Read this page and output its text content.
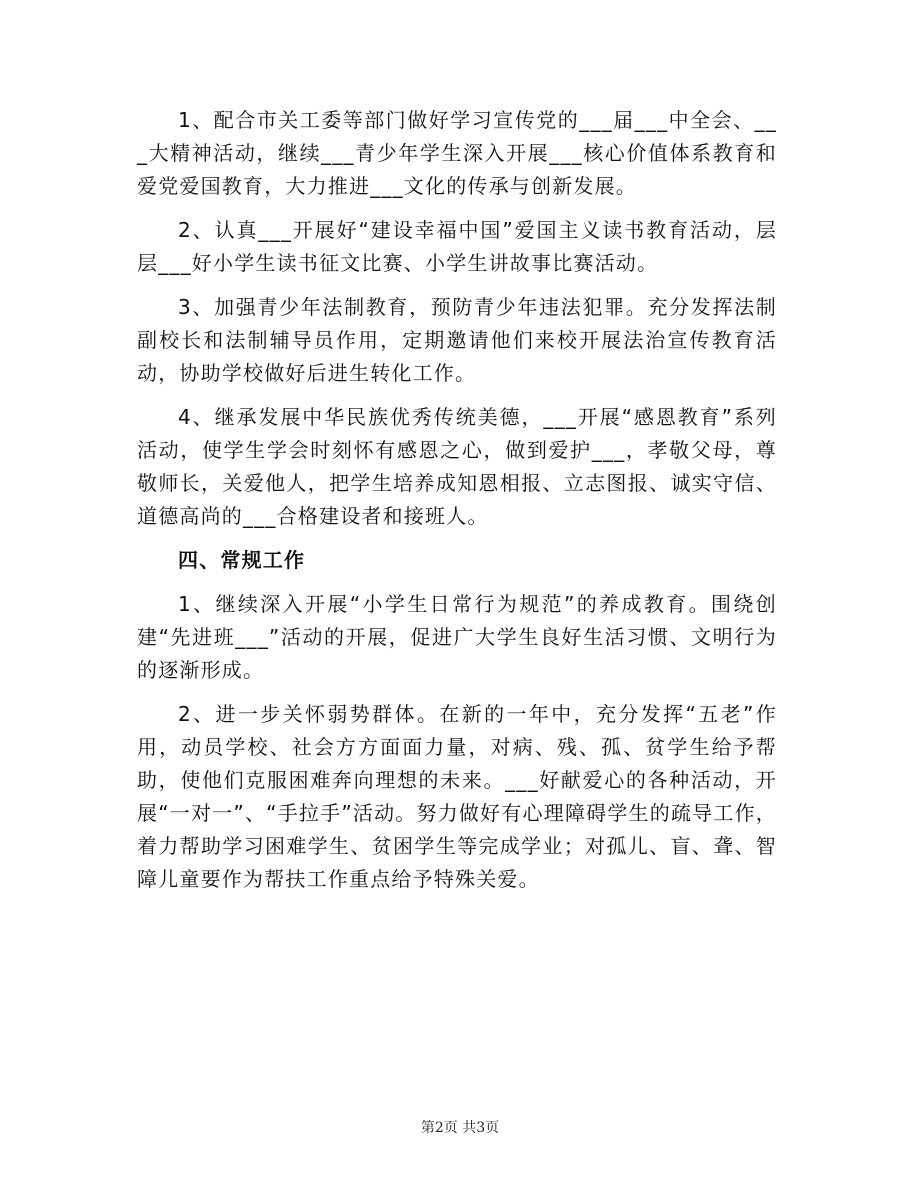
1、配合市关工委等部门做好学习宣传党的___届___中全会、___大精神活动，继续___青少年学生深入开展___核心价值体系教育和爱党爱国教育，大力推进___文化的传承与创新发展。

2、认真___开展好“建设幸福中国”爱国主义读书教育活动，层层___好小学生读书征文比赛、小学生讲故事比赛活动。

3、加强青少年法制教育，预防青少年违法犯罪。充分发挥法制副校长和法制辅导员作用，定期邀请他们来校开展法治宣传教育活动，协助学校做好后进生转化工作。

4、继承发展中华民族优秀传统美德，___开展“感恩教育”系列活动，使学生学会时刻怀有感恩之心，做到爱护___，孝敬父母，尊敬师长，关爱他人，把学生培养成知恩相报、立志图报、诚实守信、道德高尚的___合格建设者和接班人。

四、常规工作

1、继续深入开展“小学生日常行为规范”的养成教育。围绕创建“先进班___”活动的开展，促进广大学生良好生活习惯、文明行为的逐渐形成。

2、进一步关怀弱势群体。在新的一年中，充分发挥“五老”作用，动员学校、社会方方面面力量，对病、残、孤、贫学生给予帮助，使他们克服困难奔向理想的未来。___好献爱心的各种活动，开展“一对一”、“手拉手”活动。努力做好有心理障碍学生的疏导工作，着力帮助学习困难学生、贫困学生等完成学业；对孤儿、盲、聋、智障儿童要作为帮扶工作重点给予特殊关爱。

第2页 共3页
